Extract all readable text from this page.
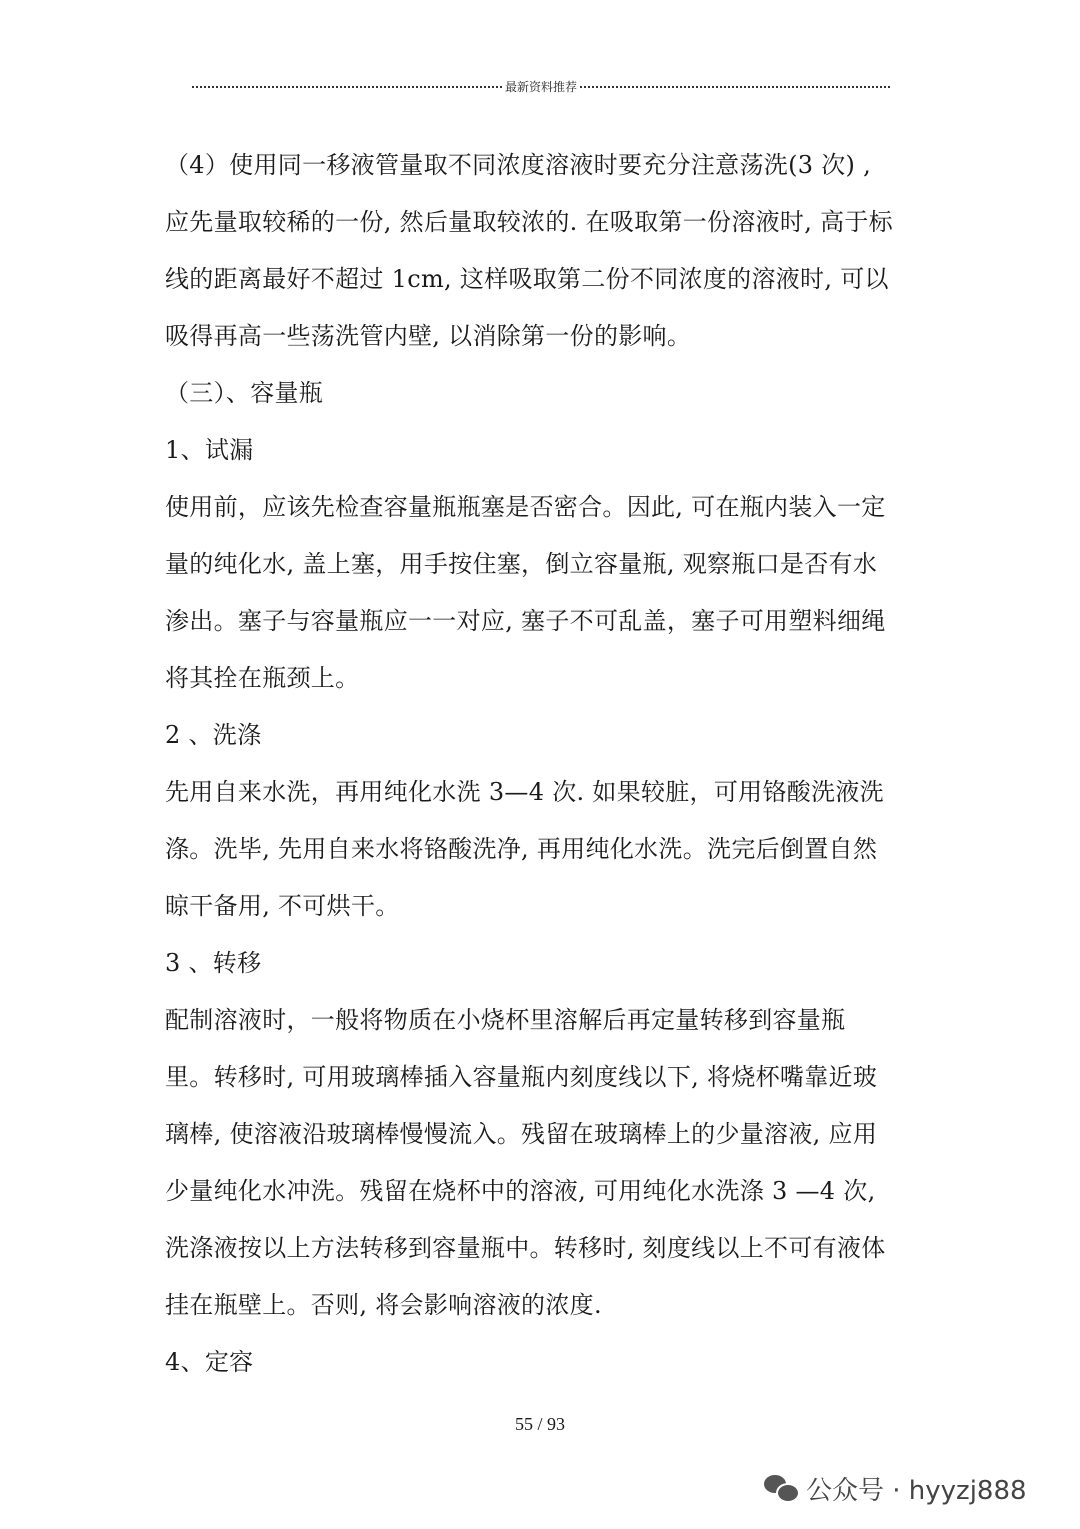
最新资料推荐
（4）使用同一移液管量取不同浓度溶液时要充分注意荡洗(3 次) ,
应先量取较稀的一份, 然后量取较浓的. 在吸取第一份溶液时, 高于标
线的距离最好不超过 1cm, 这样吸取第二份不同浓度的溶液时, 可以
吸得再高一些荡洗管内壁, 以消除第一份的影响。
（三）、容量瓶
1、试漏
使用前，应该先检查容量瓶瓶塞是否密合。因此, 可在瓶内装入一定
量的纯化水, 盖上塞，用手按住塞，倒立容量瓶, 观察瓶口是否有水
渗出。塞子与容量瓶应一一对应, 塞子不可乱盖，塞子可用塑料细绳
将其拴在瓶颈上。
2 、洗涤
先用自来水洗，再用纯化水洗 3—4 次. 如果较脏，可用铬酸洗液洗
涤。洗毕, 先用自来水将铬酸洗净, 再用纯化水洗。洗完后倒置自然
晾干备用, 不可烘干。
3 、转移
配制溶液时，一般将物质在小烧杯里溶解后再定量转移到容量瓶
里。转移时, 可用玻璃棒插入容量瓶内刻度线以下, 将烧杯嘴靠近玻
璃棒, 使溶液沿玻璃棒慢慢流入。残留在玻璃棒上的少量溶液, 应用
少量纯化水冲洗。残留在烧杯中的溶液, 可用纯化水洗涤 3 —4 次,
洗涤液按以上方法转移到容量瓶中。转移时, 刻度线以上不可有液体
挂在瓶壁上。否则, 将会影响溶液的浓度.
4、定容
55 / 93
公众号 · hyyzj888
